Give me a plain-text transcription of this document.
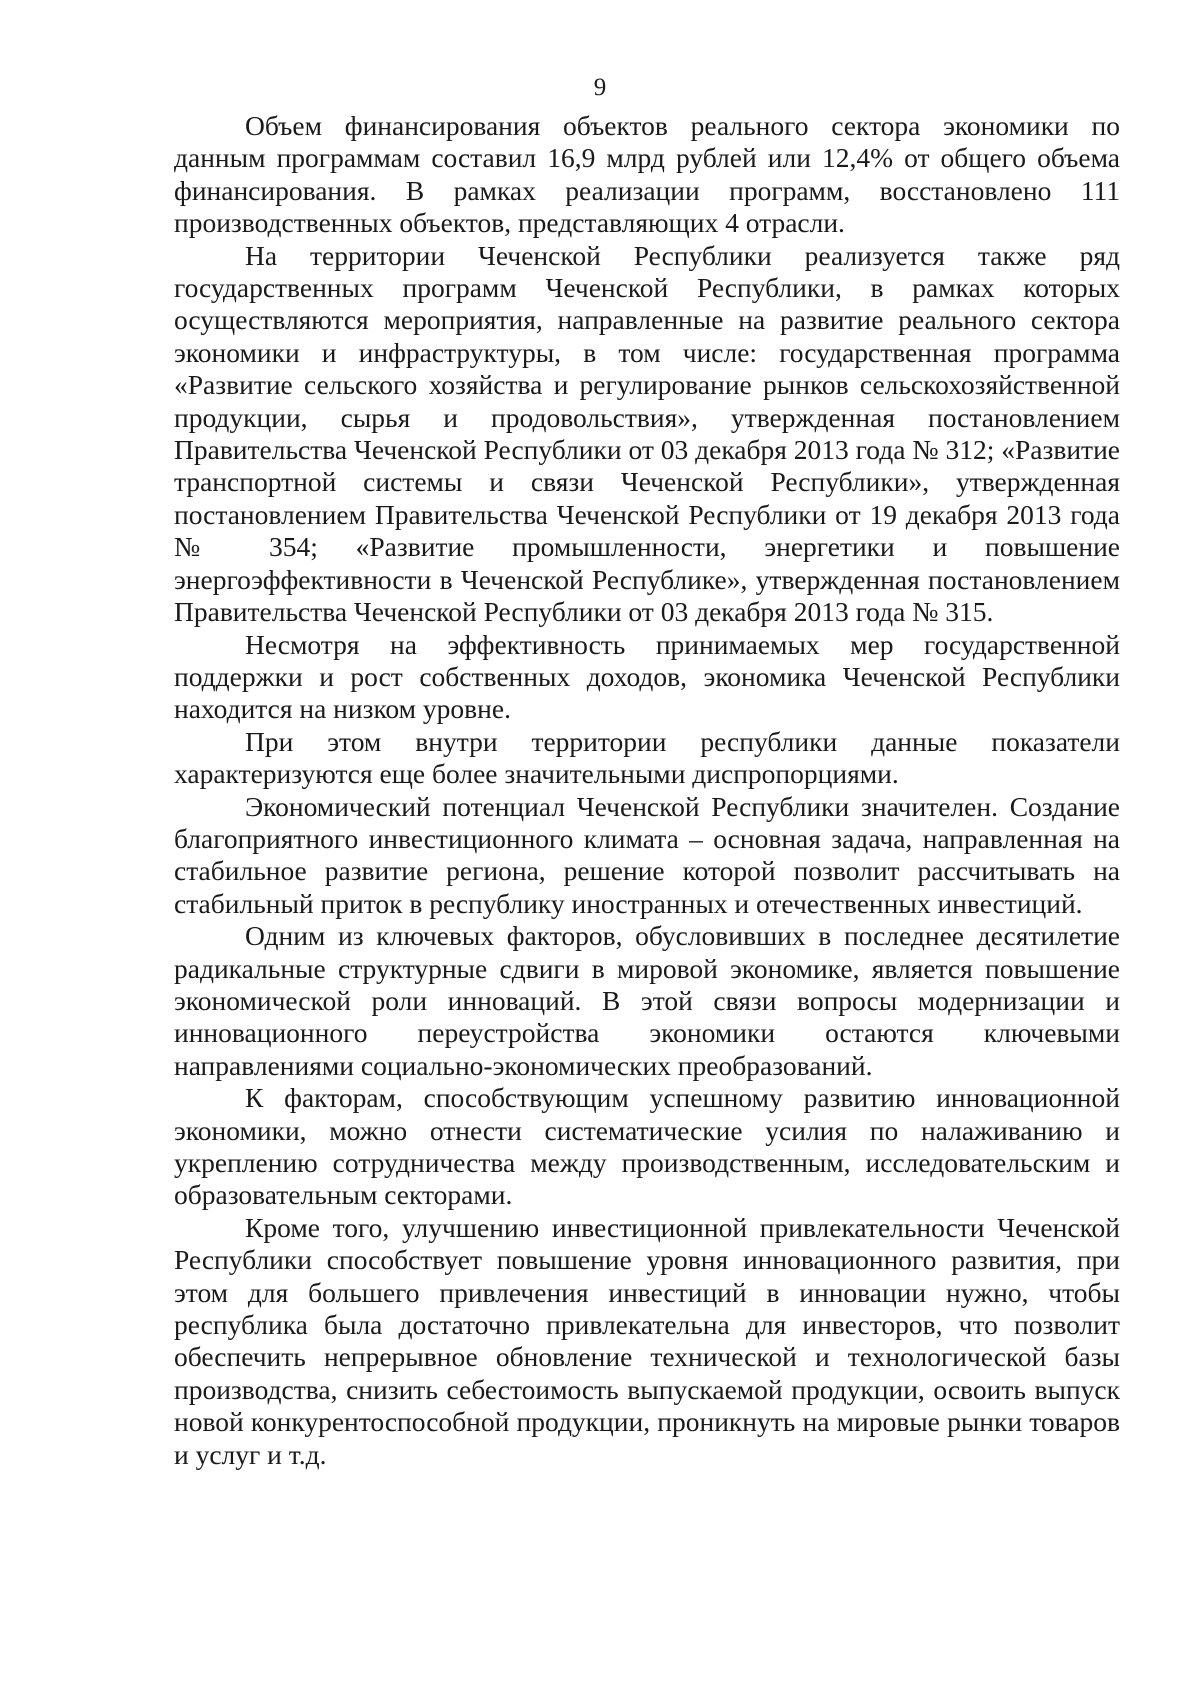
9

Объем финансирования объектов реального сектора экономики по данным программам составил 16,9 млрд рублей или 12,4% от общего объема финансирования. В рамках реализации программ, восстановлено 111 производственных объектов, представляющих 4 отрасли.

На территории Чеченской Республики реализуется также ряд государственных программ Чеченской Республики, в рамках которых осуществляются мероприятия, направленные на развитие реального сектора экономики и инфраструктуры, в том числе: государственная программа «Развитие сельского хозяйства и регулирование рынков сельскохозяйственной продукции, сырья и продовольствия», утвержденная постановлением Правительства Чеченской Республики от 03 декабря 2013 года № 312; «Развитие транспортной системы и связи Чеченской Республики», утвержденная постановлением Правительства Чеченской Республики от 19 декабря 2013 года № 354; «Развитие промышленности, энергетики и повышение энергоэффективности в Чеченской Республике», утвержденная постановлением Правительства Чеченской Республики от 03 декабря 2013 года № 315.

Несмотря на эффективность принимаемых мер государственной поддержки и рост собственных доходов, экономика Чеченской Республики находится на низком уровне.

При этом внутри территории республики данные показатели характеризуются еще более значительными диспропорциями.

Экономический потенциал Чеченской Республики значителен. Создание благоприятного инвестиционного климата – основная задача, направленная на стабильное развитие региона, решение которой позволит рассчитывать на стабильный приток в республику иностранных и отечественных инвестиций.

Одним из ключевых факторов, обусловивших в последнее десятилетие радикальные структурные сдвиги в мировой экономике, является повышение экономической роли инноваций. В этой связи вопросы модернизации и инновационного переустройства экономики остаются ключевыми направлениями социально-экономических преобразований.

К факторам, способствующим успешному развитию инновационной экономики, можно отнести систематические усилия по налаживанию и укреплению сотрудничества между производственным, исследовательским и образовательным секторами.

Кроме того, улучшению инвестиционной привлекательности Чеченской Республики способствует повышение уровня инновационного развития, при этом для большего привлечения инвестиций в инновации нужно, чтобы республика была достаточно привлекательна для инвесторов, что позволит обеспечить непрерывное обновление технической и технологической базы производства, снизить себестоимость выпускаемой продукции, освоить выпуск новой конкурентоспособной продукции, проникнуть на мировые рынки товаров и услуг и т.д.
